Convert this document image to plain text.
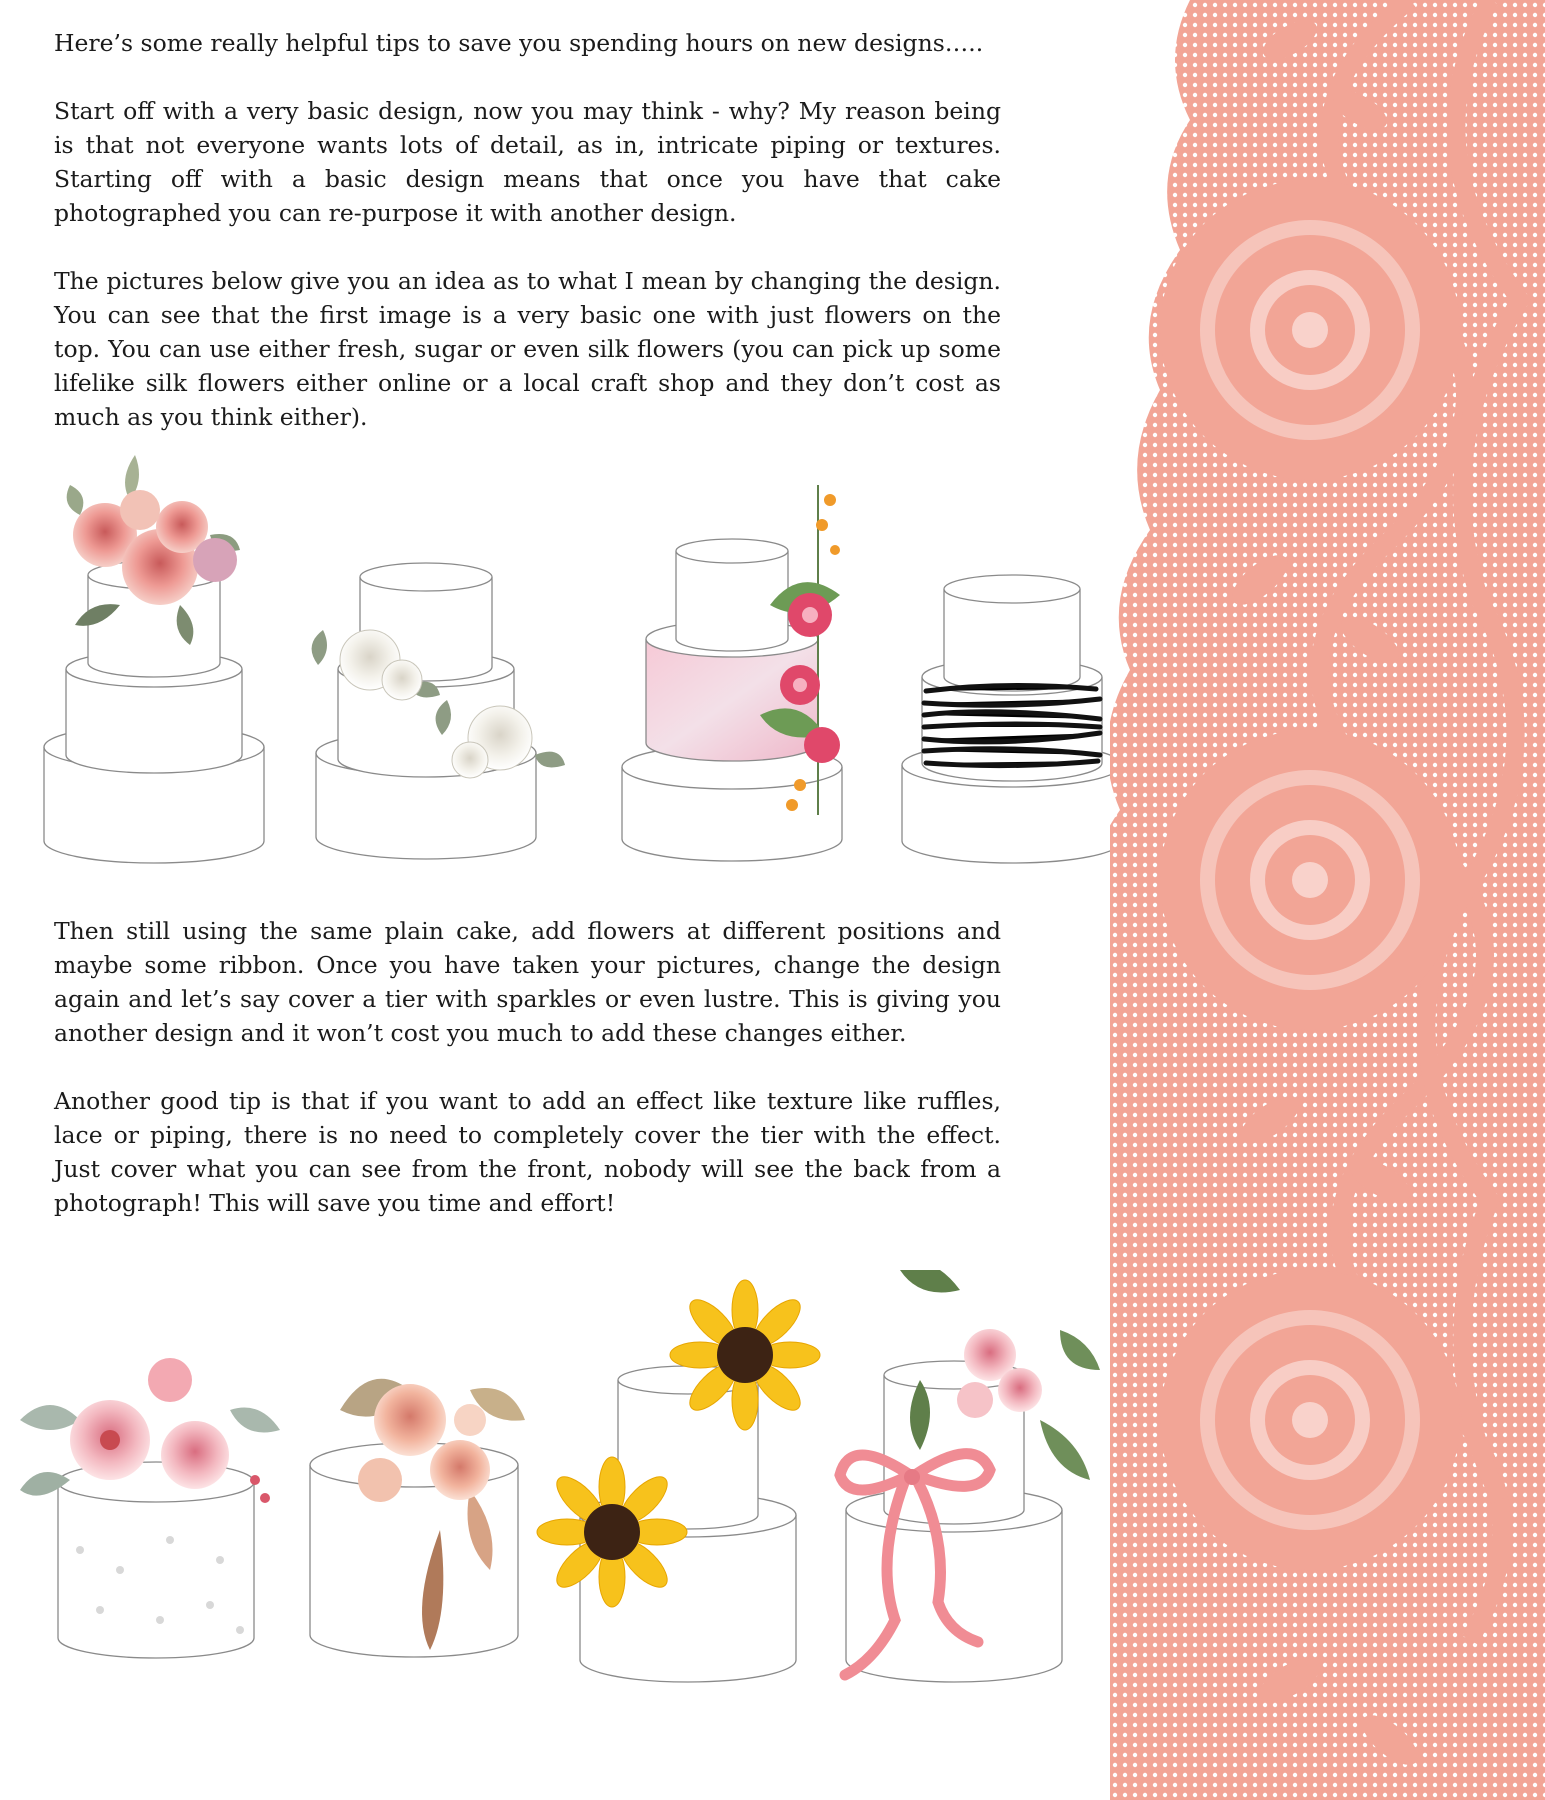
Here’s some really helpful tips to save you spending hours on new designs…..

Start off with a very basic design, now you may think - why? My reason being is that not everyone wants lots of detail, as in, intricate piping or textures. Starting off with a basic design means that once you have that cake photographed you can re-purpose it with another design.

The pictures below give you an idea as to what I mean by changing the design. You can see that the first image is a very basic one with just flowers on the top. You can use either fresh, sugar or even silk flowers (you can pick up some lifelike silk flowers either online or a local craft shop and they don’t cost as much as you think either).

Then still using the same plain cake, add flowers at different positions and maybe some ribbon. Once you have taken your pictures, change the design again and let’s say cover a tier with sparkles or even lustre. This is giving you another design and it won’t cost you much to add these changes either.

Another good tip is that if you want to add an effect like texture like ruffles, lace or piping, there is no need to completely cover the tier with the effect. Just cover what you can see from the front, nobody will see the back from a photograph! This will save you time and effort!
